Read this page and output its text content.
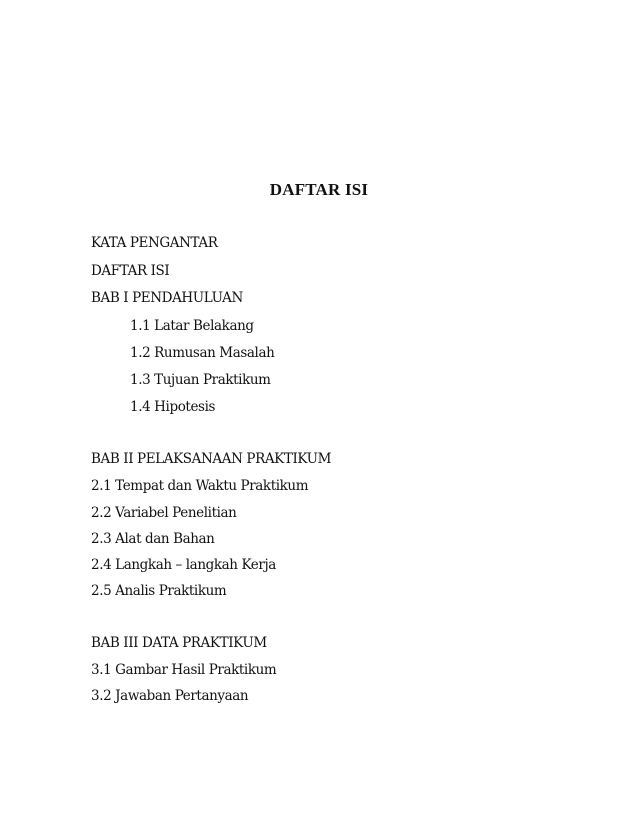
DAFTAR ISI
KATA PENGANTAR
DAFTAR ISI
BAB I PENDAHULUAN
1.1 Latar Belakang
1.2 Rumusan Masalah
1.3 Tujuan Praktikum
1.4 Hipotesis
BAB II PELAKSANAAN PRAKTIKUM
2.1 Tempat dan Waktu Praktikum
2.2 Variabel Penelitian
2.3 Alat dan Bahan
2.4 Langkah – langkah Kerja
2.5 Analis Praktikum
BAB III DATA PRAKTIKUM
3.1 Gambar Hasil Praktikum
3.2 Jawaban Pertanyaan
